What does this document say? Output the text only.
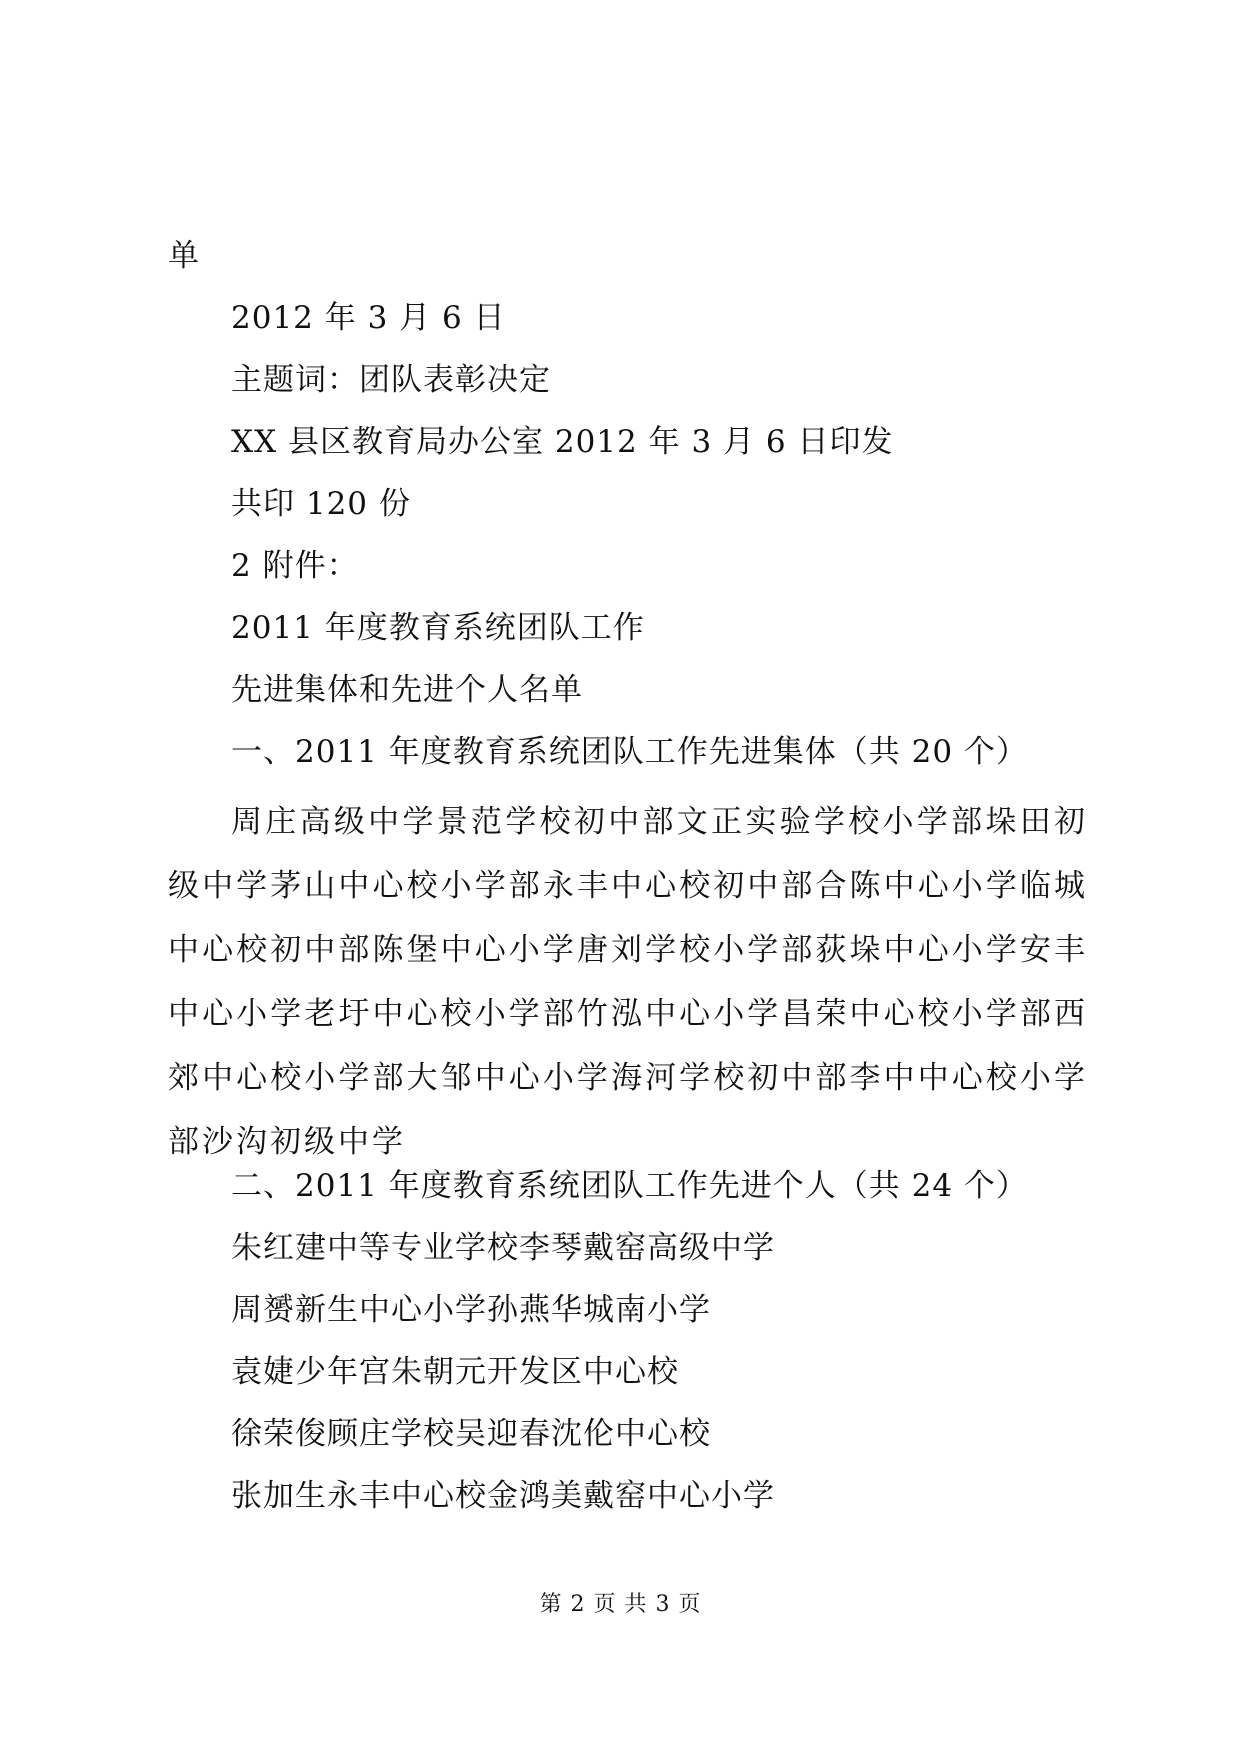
单
2012 年 3 月 6 日
主题词：团队表彰决定
XX 县区教育局办公室 2012 年 3 月 6 日印发
共印 120 份
2 附件：
2011 年度教育系统团队工作
先进集体和先进个人名单
一、2011 年度教育系统团队工作先进集体（共 20 个）
周庄高级中学景范学校初中部文正实验学校小学部垛田初级中学茅山中心校小学部永丰中心校初中部合陈中心小学临城中心校初中部陈堡中心小学唐刘学校小学部荻垛中心小学安丰中心小学老圩中心校小学部竹泓中心小学昌荣中心校小学部西郊中心校小学部大邹中心小学海河学校初中部李中中心校小学部沙沟初级中学
二、2011 年度教育系统团队工作先进个人（共 24 个）
朱红建中等专业学校李琴戴窑高级中学
周赟新生中心小学孙燕华城南小学
袁婕少年宫朱朝元开发区中心校
徐荣俊顾庄学校吴迎春沈伦中心校
张加生永丰中心校金鸿美戴窑中心小学
第 2 页 共 3 页
